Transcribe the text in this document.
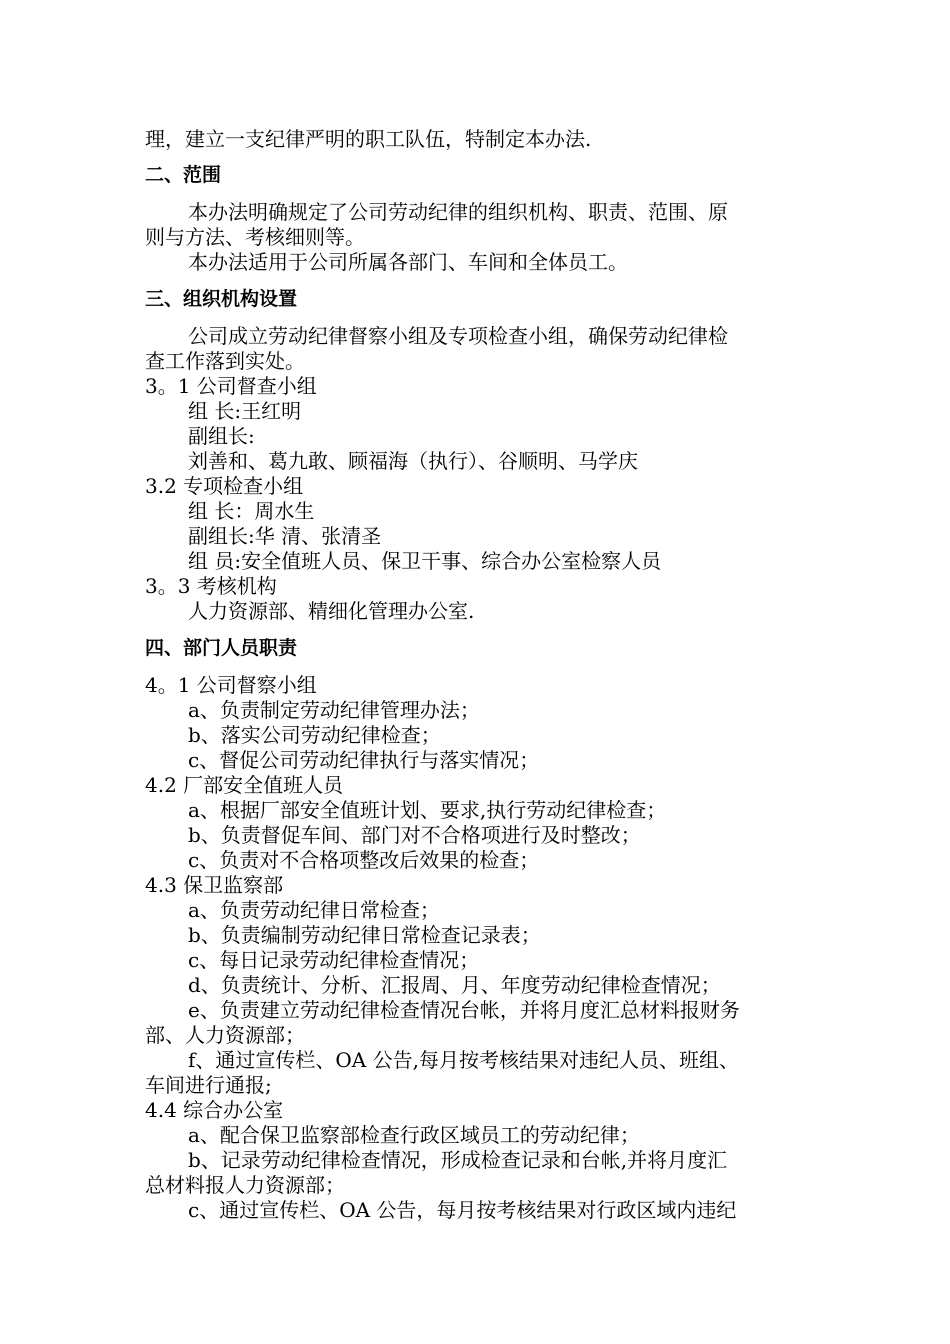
理，建立一支纪律严明的职工队伍，特制定本办法.
二、范围
本办法明确规定了公司劳动纪律的组织机构、职责、范围、原
则与方法、考核细则等。
本办法适用于公司所属各部门、车间和全体员工。
三、组织机构设置
公司成立劳动纪律督察小组及专项检查小组，确保劳动纪律检
查工作落到实处。
3。1 公司督查小组
组 长:王红明
副组长:
刘善和、葛九敢、顾福海（执行）、谷顺明、马学庆
3.2 专项检查小组
组 长：周水生
副组长:华 清、张清圣
组 员:安全值班人员、保卫干事、综合办公室检察人员
3。3 考核机构
人力资源部、精细化管理办公室.
四、部门人员职责
4。1 公司督察小组
a、负责制定劳动纪律管理办法；
b、落实公司劳动纪律检查；
c、督促公司劳动纪律执行与落实情况；
4.2 厂部安全值班人员
a、根据厂部安全值班计划、要求,执行劳动纪律检查；
b、负责督促车间、部门对不合格项进行及时整改；
c、负责对不合格项整改后效果的检查；
4.3 保卫监察部
a、负责劳动纪律日常检查；
b、负责编制劳动纪律日常检查记录表；
c、每日记录劳动纪律检查情况；
d、负责统计、分析、汇报周、月、年度劳动纪律检查情况；
e、负责建立劳动纪律检查情况台帐，并将月度汇总材料报财务
部、人力资源部；
f、通过宣传栏、OA 公告,每月按考核结果对违纪人员、班组、
车间进行通报;
4.4 综合办公室
a、配合保卫监察部检查行政区域员工的劳动纪律；
b、记录劳动纪律检查情况，形成检查记录和台帐,并将月度汇
总材料报人力资源部；
c、通过宣传栏、OA 公告，每月按考核结果对行政区域内违纪
